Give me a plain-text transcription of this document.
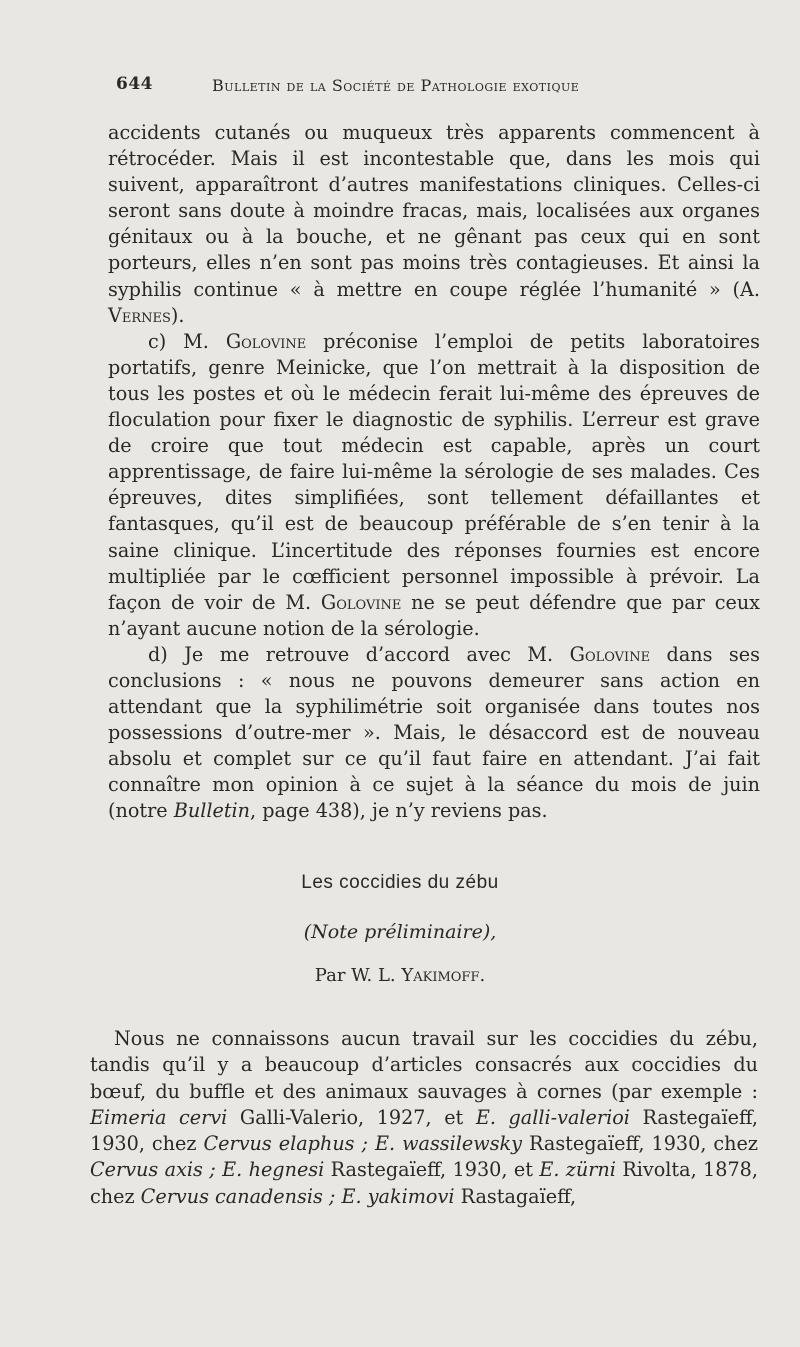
644	Bulletin de la Société de Pathologie exotique

accidents cutanés ou muqueux très apparents commencent à rétrocéder. Mais il est incontestable que, dans les mois qui suivent, apparaîtront d’autres manifestations cliniques. Celles-ci seront sans doute à moindre fracas, mais, localisées aux organes génitaux ou à la bouche, et ne gênant pas ceux qui en sont porteurs, elles n’en sont pas moins très contagieuses. Et ainsi la syphilis continue « à mettre en coupe réglée l’humanité » (A. Vernes).

c) M. Golovine préconise l’emploi de petits laboratoires portatifs, genre Meinicke, que l’on mettrait à la disposition de tous les postes et où le médecin ferait lui-même des épreuves de floculation pour fixer le diagnostic de syphilis. L’erreur est grave de croire que tout médecin est capable, après un court apprentissage, de faire lui-même la sérologie de ses malades. Ces épreuves, dites simplifiées, sont tellement défaillantes et fantasques, qu’il est de beaucoup préférable de s’en tenir à la saine clinique. L’incertitude des réponses fournies est encore multipliée par le cœfficient personnel impossible à prévoir. La façon de voir de M. Golovine ne se peut défendre que par ceux n’ayant aucune notion de la sérologie.

d) Je me retrouve d’accord avec M. Golovine dans ses conclusions : « nous ne pouvons demeurer sans action en attendant que la syphilimétrie soit organisée dans toutes nos possessions d’outre-mer ». Mais, le désaccord est de nouveau absolu et complet sur ce qu’il faut faire en attendant. J’ai fait connaître mon opinion à ce sujet à la séance du mois de juin (notre Bulletin, page 438), je n’y reviens pas.

Les coccidies du zébu
(Note préliminaire),
Par W. L. Yakimoff.

Nous ne connaissons aucun travail sur les coccidies du zébu, tandis qu’il y a beaucoup d’articles consacrés aux coccidies du bœuf, du buffle et des animaux sauvages à cornes (par exemple : Eimeria cervi Galli-Valerio, 1927, et E. galli-valerioi Rastegaïeff, 1930, chez Cervus elaphus ; E. wassilewsky Rastegaïeff, 1930, chez Cervus axis ; E. hegnesi Rastegaïeff, 1930, et E. zürni Rivolta, 1878, chez Cervus canadensis ; E. yakimovi Rastagaïeff,
